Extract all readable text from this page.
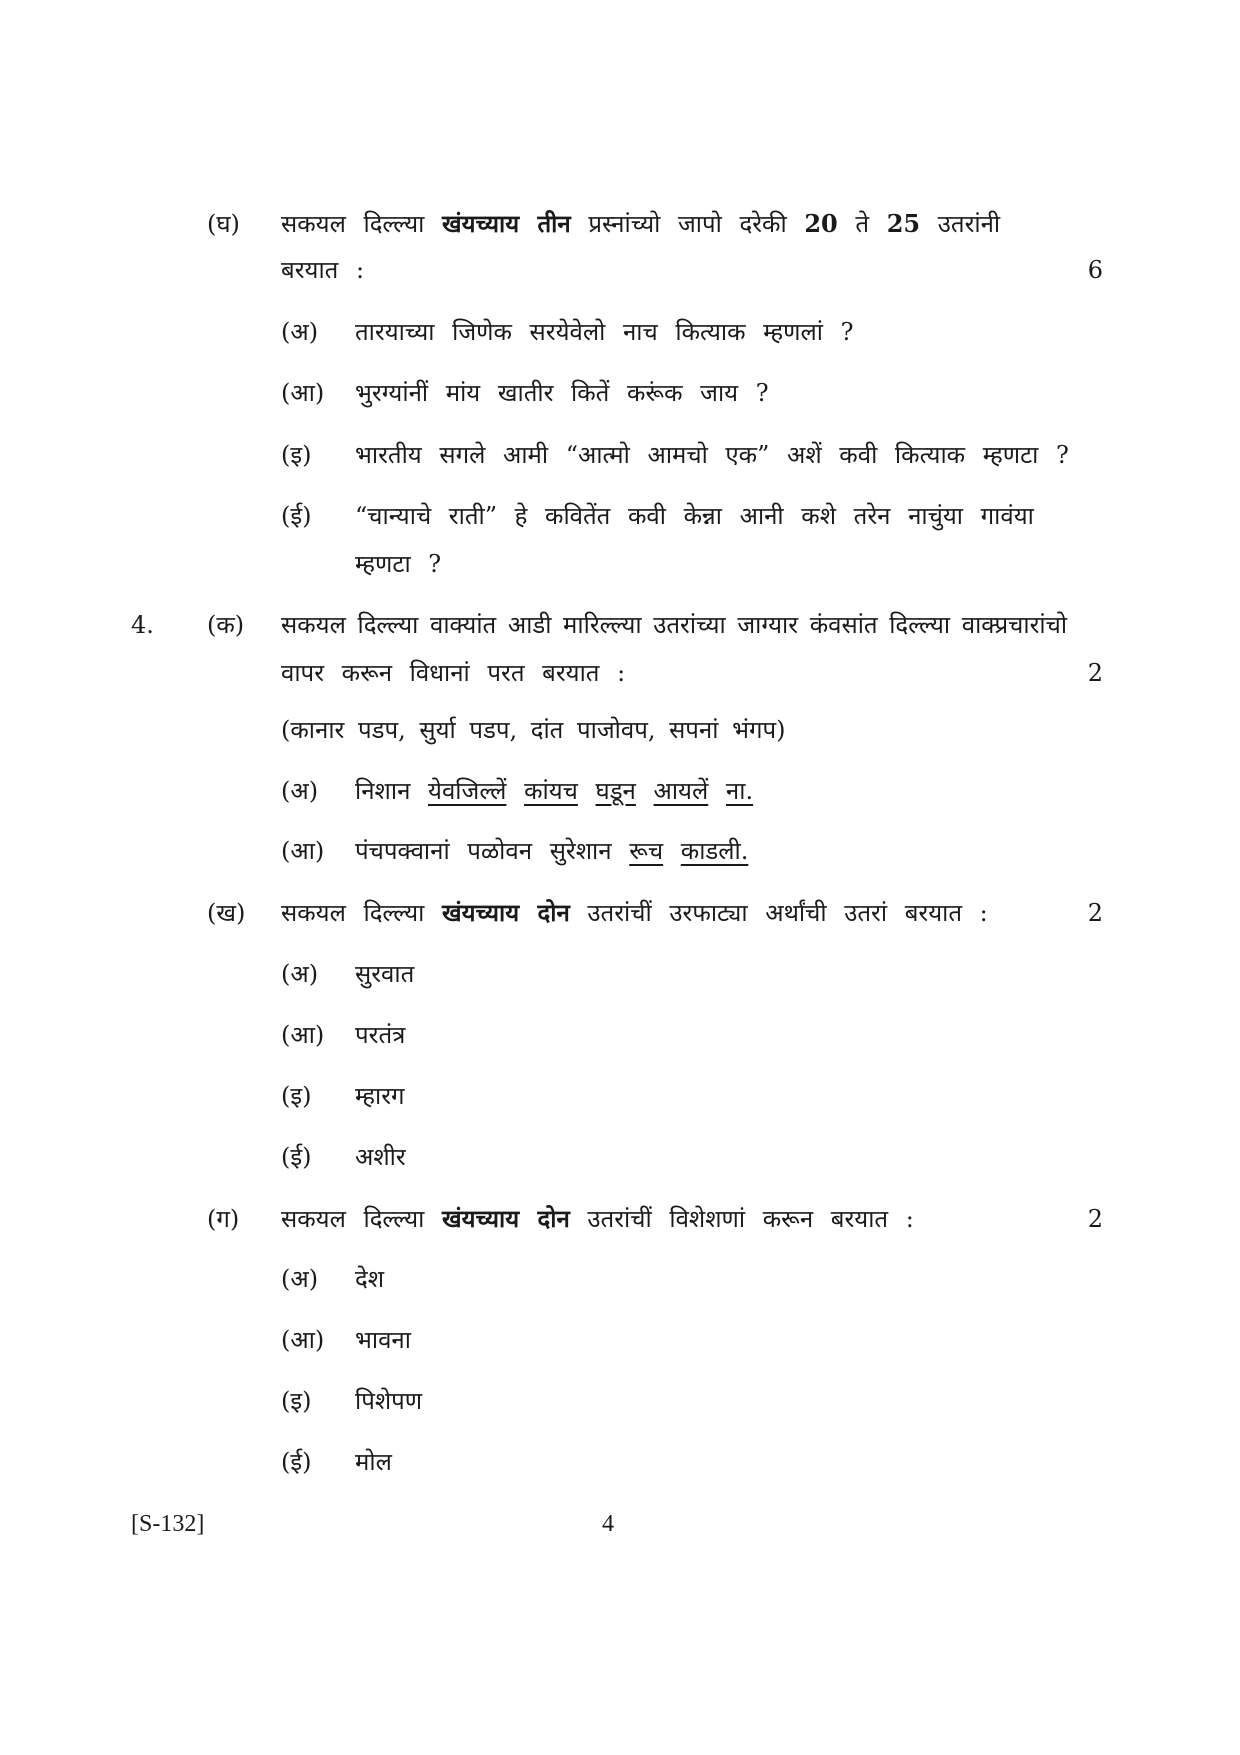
(घ) सकयल दिल्ल्या खंयच्याय तीन प्रस्नांच्यो जापो दरेकी 20 ते 25 उतरांनी
बरयात :	6
(अ) तारयाच्या जिणेक सरयेवेलो नाच कित्याक म्हणलां ?
(आ) भुरग्यांनीं मांय खातीर कितें करूंक जाय ?
(इ) भारतीय सगले आमी “आत्मो आमचो एक” अशें कवी कित्याक म्हणटा ?
(ई) “चान्याचे राती” हे कवितेंत कवी केन्ना आनी कशे तरेन नाचुंया गावंया
म्हणटा ?
4. (क) सकयल दिल्ल्या वाक्यांत आडी मारिल्ल्या उतरांच्या जाग्यार कंवसांत दिल्ल्या वाक्प्रचारांचो
वापर करून विधानां परत बरयात :	2
(कानार पडप, सुर्या पडप, दांत पाजोवप, सपनां भंगप)
(अ) निशान येवजिल्लें कांयच घडून आयलें ना.
(आ) पंचपक्वानां पळोवन सुरेशान रूच काडली.
(ख) सकयल दिल्ल्या खंयच्याय दोन उतरांचीं उरफाट्या अर्थांची उतरां बरयात :	2
(अ) सुरवात
(आ) परतंत्र
(इ) म्हारग
(ई) अशीर
(ग) सकयल दिल्ल्या खंयच्याय दोन उतरांचीं विशेशणां करून बरयात :	2
(अ) देश
(आ) भावना
(इ) पिशेपण
(ई) मोल
[S-132]	4
